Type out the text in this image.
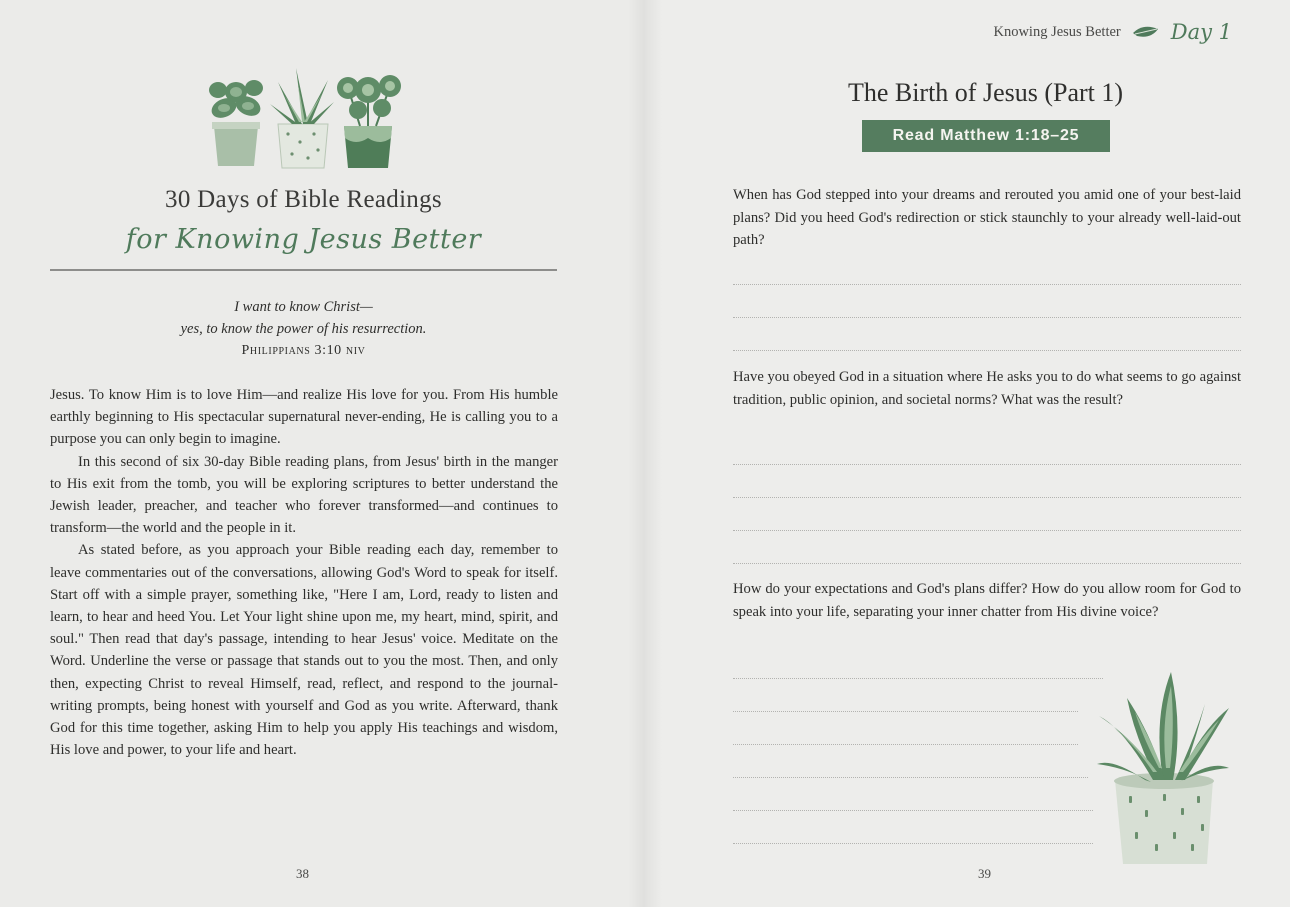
30 Days of Bible Readings
for Knowing Jesus Better
I want to know Christ—
yes, to know the power of his resurrection.
Philippians 3:10 niv

Jesus. To know Him is to love Him—and realize His love for you. From His humble earthly beginning to His spectacular supernatural never-ending, He is calling you to a purpose you can only begin to imagine.

In this second of six 30-day Bible reading plans, from Jesus' birth in the manger to His exit from the tomb, you will be exploring scriptures to better understand the Jewish leader, preacher, and teacher who forever transformed—and continues to transform—the world and the people in it.

As stated before, as you approach your Bible reading each day, remember to leave commentaries out of the conversations, allowing God's Word to speak for itself. Start off with a simple prayer, something like, "Here I am, Lord, ready to listen and learn, to hear and heed You. Let Your light shine upon me, my heart, mind, spirit, and soul." Then read that day's passage, intending to hear Jesus' voice. Meditate on the Word. Underline the verse or passage that stands out to you the most. Then, and only then, expecting Christ to reveal Himself, read, reflect, and respond to the journal-writing prompts, being honest with yourself and God as you write. Afterward, thank God for this time together, asking Him to help you apply His teachings and wisdom, His love and power, to your life and heart.

38
Knowing Jesus Better Day 1
The Birth of Jesus (Part 1)
Read Matthew 1:18–25

When has God stepped into your dreams and rerouted you amid one of your best-laid plans? Did you heed God's redirection or stick staunchly to your already well-laid-out path?

Have you obeyed God in a situation where He asks you to do what seems to go against tradition, public opinion, and societal norms? What was the result?

How do your expectations and God's plans differ? How do you allow room for God to speak into your life, separating your inner chatter from His divine voice?

39
